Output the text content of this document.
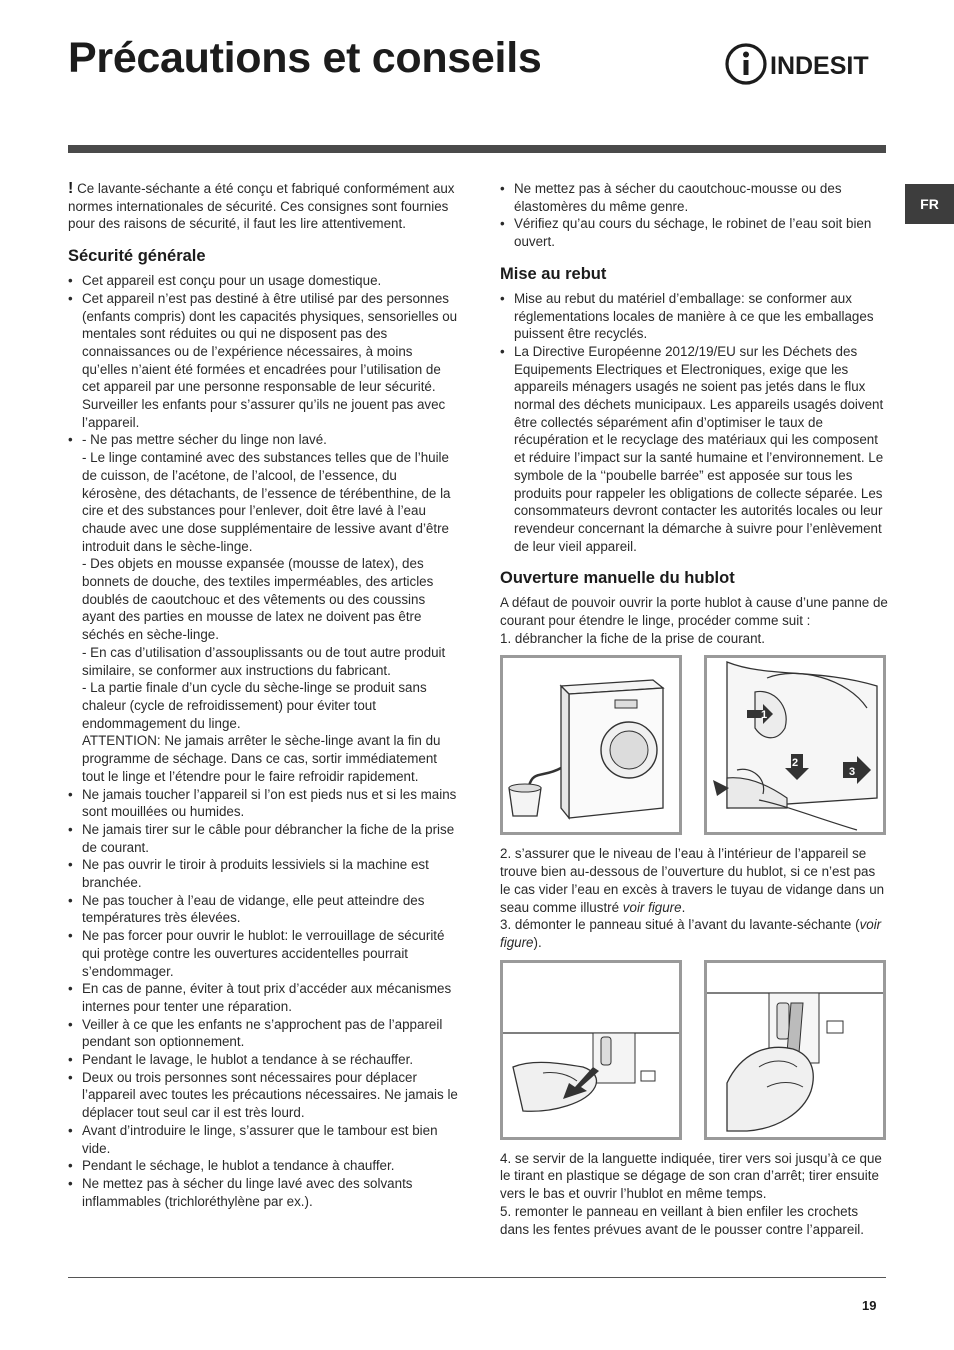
Précautions et conseils	INDESIT
FR

! Ce lavante-séchante a été conçu et fabriqué conformément aux normes internationales de sécurité. Ces consignes sont fournies pour des raisons de sécurité, il faut les lire attentivement.

Sécurité générale
• Cet appareil est conçu pour un usage domestique.
• Cet appareil n’est pas destiné à être utilisé par des personnes (enfants compris) dont les capacités physiques, sensorielles ou mentales sont réduites ou qui ne disposent pas des connaissances ou de l’expérience nécessaires, à moins qu’elles n’aient été formées et encadrées pour l’utilisation de cet appareil par une personne responsable de leur sécurité. Surveiller les enfants pour s’assurer qu’ils ne jouent pas avec l’appareil.
• - Ne pas mettre sécher du linge non lavé.
- Le linge contaminé avec des substances telles que de l’huile de cuisson, de l’acétone, de l’alcool, de l’essence, du kérosène, des détachants, de l’essence de térébenthine, de la cire et des substances pour l’enlever, doit être lavé à l’eau chaude avec une dose supplémentaire de lessive avant d’être introduit dans le sèche-linge.
- Des objets en mousse expansée (mousse de latex), des bonnets de douche, des textiles imperméables, des articles doublés de caoutchouc et des vêtements ou des coussins ayant des parties en mousse de latex ne doivent pas être séchés en sèche-linge.
- En cas d’utilisation d’assouplissants ou de tout autre produit similaire, se conformer aux instructions du fabricant.
- La partie finale d’un cycle du sèche-linge se produit sans chaleur (cycle de refroidissement) pour éviter tout endommagement du linge.
ATTENTION: Ne jamais arrêter le sèche-linge avant la fin du programme de séchage. Dans ce cas, sortir immédiatement tout le linge et l’étendre pour le faire refroidir rapidement.
• Ne jamais toucher l’appareil si l’on est pieds nus et si les mains sont mouillées ou humides.
• Ne jamais tirer sur le câble pour débrancher la fiche de la prise de courant.
• Ne pas ouvrir le tiroir à produits lessiviels si la machine est branchée.
• Ne pas toucher à l’eau de vidange, elle peut atteindre des températures très élevées.
• Ne pas forcer pour ouvrir le hublot: le verrouillage de sécurité qui protège contre les ouvertures accidentelles pourrait s’endommager.
• En cas de panne, éviter à tout prix d’accéder aux mécanismes internes pour tenter une réparation.
• Veiller à ce que les enfants ne s’approchent pas de l’appareil pendant son optionnement.
• Pendant le lavage, le hublot a tendance à se réchauffer.
• Deux ou trois personnes sont nécessaires pour déplacer l’appareil avec toutes les précautions nécessaires. Ne jamais le déplacer tout seul car il est très lourd.
• Avant d’introduire le linge, s’assurer que le tambour est bien vide.
• Pendant le séchage, le hublot a tendance à chauffer.
• Ne mettez pas à sécher du linge lavé avec des solvants inflammables (trichloréthylène par ex.).
• Ne mettez pas à sécher du caoutchouc-mousse ou des élastomères du même genre.
• Vérifiez qu’au cours du séchage, le robinet de l’eau soit bien ouvert.
Mise au rebut
• Mise au rebut du matériel d’emballage: se conformer aux réglementations locales de manière à ce que les emballages puissent être recyclés.
• La Directive Européenne 2012/19/EU sur les Déchets des Equipements Electriques et Electroniques, exige que les appareils ménagers usagés ne soient pas jetés dans le flux normal des déchets municipaux. Les appareils usagés doivent être collectés séparément afin d’optimiser le taux de récupération et le recyclage des matériaux qui les composent et réduire l’impact sur la santé humaine et l’environnement. Le symbole de la ‘‘poubelle barrée” est apposée sur tous les produits pour rappeler les obligations de collecte séparée. Les consommateurs devront contacter les autorités locales ou leur revendeur concernant la démarche à suivre pour l’enlèvement de leur vieil appareil.
Ouverture manuelle du hublot

A défaut de pouvoir ouvrir la porte hublot à cause d’une panne de courant pour étendre le linge, procéder comme suit :

1. débrancher la fiche de la prise de courant.

1
2
3

2. s’assurer que le niveau de l’eau à l’intérieur de l’appareil se trouve bien au-dessous de l’ouverture du hublot, si ce n’est pas le cas vider l’eau en excès à travers le tuyau de vidange dans un seau comme illustré voir figure.

3. démonter le panneau situé à l’avant du lavante-séchante (voir figure).

4. se servir de la languette indiquée, tirer vers soi jusqu’à ce que le tirant en plastique se dégage de son cran d’arrêt; tirer ensuite vers le bas et ouvrir l’hublot en même temps.

5. remonter le panneau en veillant à bien enfiler les crochets dans les fentes prévues avant de le pousser contre l’appareil.

19
